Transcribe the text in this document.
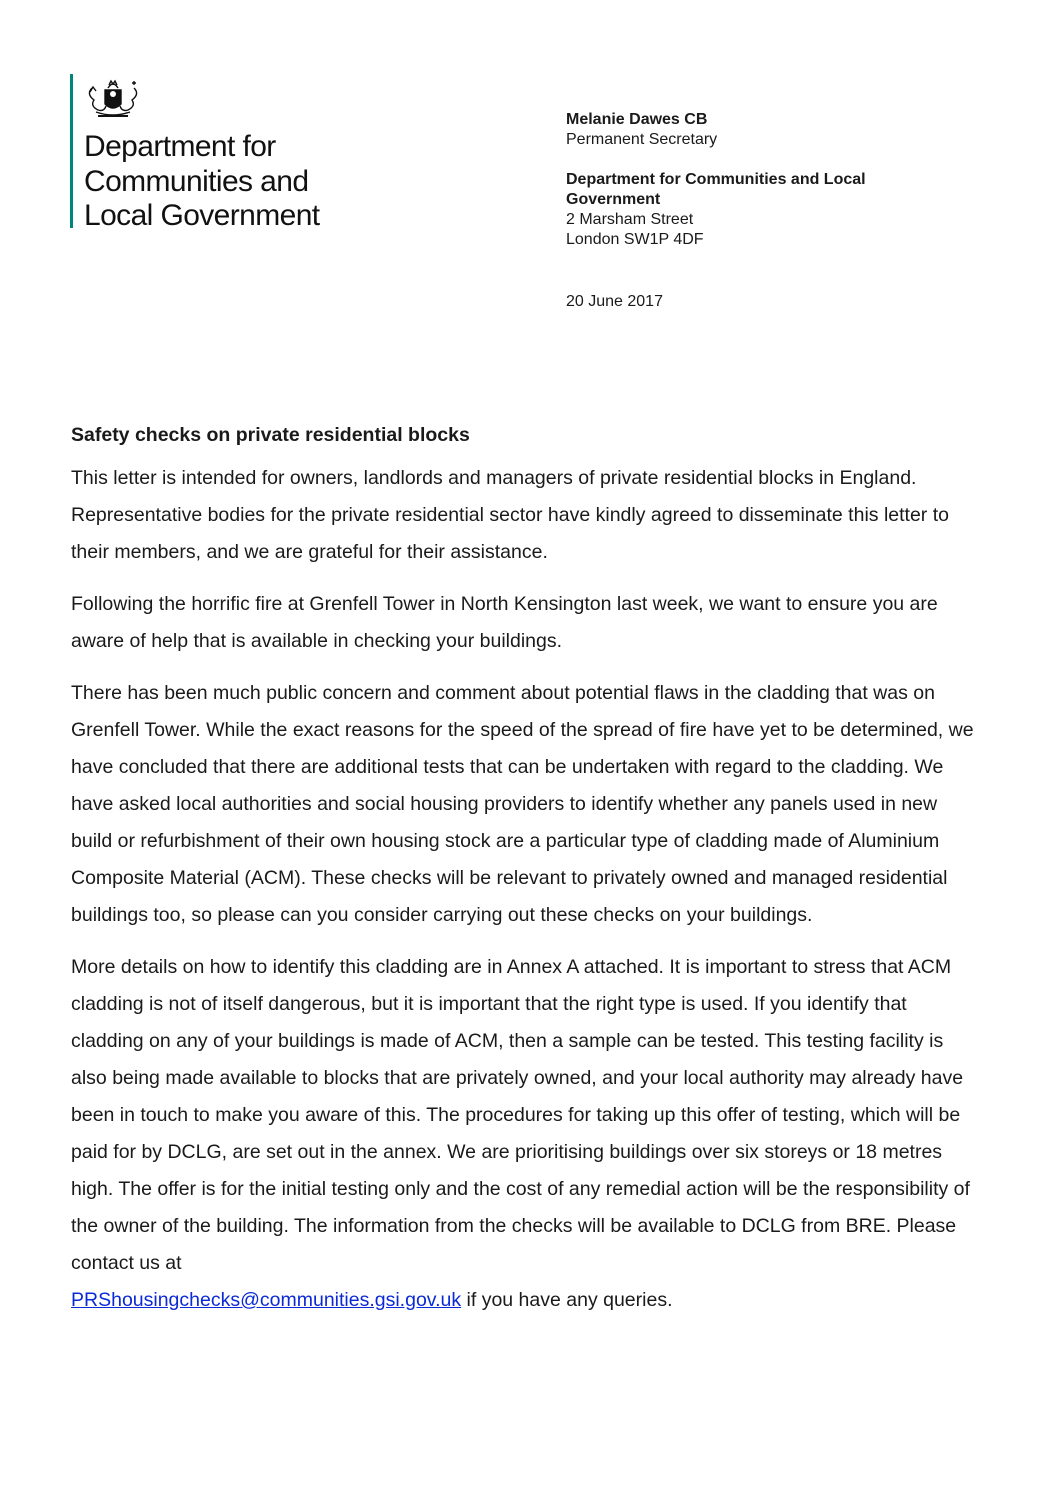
Department for
Communities and
Local Government

Melanie Dawes CB

Permanent Secretary

Department for Communities and Local

Government

2 Marsham Street

London SW1P 4DF

20 June 2017

Safety checks on private residential blocks

This letter is intended for owners, landlords and managers of private residential blocks in England. Representative bodies for the private residential sector have kindly agreed to disseminate this letter to their members, and we are grateful for their assistance.

Following the horrific fire at Grenfell Tower in North Kensington last week, we want to ensure you are aware of help that is available in checking your buildings.

There has been much public concern and comment about potential flaws in the cladding that was on Grenfell Tower. While the exact reasons for the speed of the spread of fire have yet to be determined, we have concluded that there are additional tests that can be undertaken with regard to the cladding. We have asked local authorities and social housing providers to identify whether any panels used in new build or refurbishment of their own housing stock are a particular type of cladding made of Aluminium Composite Material (ACM). These checks will be relevant to privately owned and managed residential buildings too, so please can you consider carrying out these checks on your buildings.

More details on how to identify this cladding are in Annex A attached. It is important to stress that ACM cladding is not of itself dangerous, but it is important that the right type is used. If you identify that cladding on any of your buildings is made of ACM, then a sample can be tested. This testing facility is also being made available to blocks that are privately owned, and your local authority may already have been in touch to make you aware of this. The procedures for taking up this offer of testing, which will be paid for by DCLG, are set out in the annex. We are prioritising buildings over six storeys or 18 metres high. The offer is for the initial testing only and the cost of any remedial action will be the responsibility of the owner of the building. The information from the checks will be available to DCLG from BRE. Please contact us at
PRShousingchecks@communities.gsi.gov.uk if you have any queries.
